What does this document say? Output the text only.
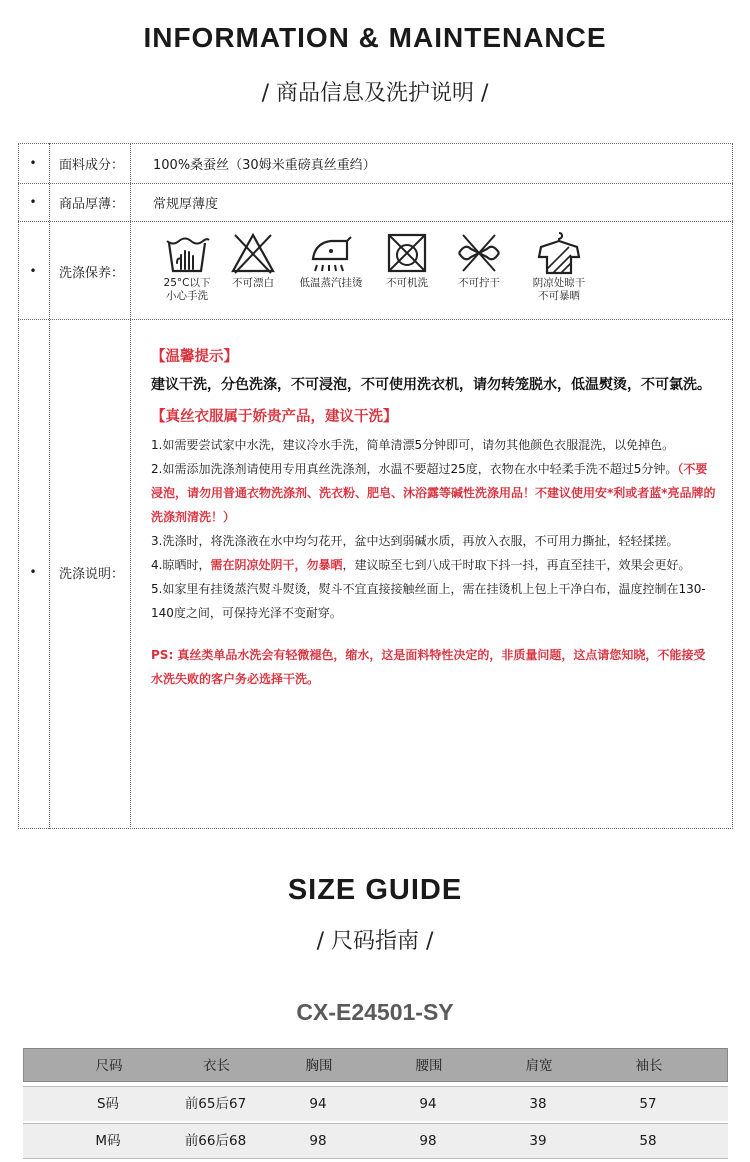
INFORMATION & MAINTENANCE
/ 商品信息及洗护说明 /
• 面料成分： 100%桑蚕丝（30姆米重磅真丝重绉）
• 商品厚薄： 常规厚薄度
• 洗涤保养：
25°C以下
小心手洗
不可漂白	低温蒸汽挂烫	不可机洗	不可拧干	阴凉处晾干
不可暴晒
• 洗涤说明：
【温馨提示】
建议干洗，分色洗涤，不可浸泡，不可使用洗衣机，请勿转笼脱水，低温熨烫，不可氯洗。
【真丝衣服属于娇贵产品，建议干洗】
1.如需要尝试家中水洗，建议冷水手洗，简单清漂5分钟即可，请勿其他颜色衣服混洗，以免掉色。
2.如需添加洗涤剂请使用专用真丝洗涤剂，水温不要超过25度，衣物在水中轻柔手洗不超过5分钟。（不要浸泡，请勿用普通衣物洗涤剂、洗衣粉、肥皂、沐浴露等碱性洗涤用品！不建议使用安*利或者蓝*亮品牌的洗涤剂清洗！）
3.洗涤时，将洗涤液在水中均匀花开，盆中达到弱碱水质，再放入衣服，不可用力撕扯，轻轻揉搓。
4.晾晒时，需在阴凉处阴干，勿暴晒，建议晾至七到八成干时取下抖一抖，再直至挂干，效果会更好。
5.如家里有挂烫蒸汽熨斗熨烫，熨斗不宜直接接触丝面上，需在挂烫机上包上干净白布，温度控制在130-140度之间，可保持光泽不变耐穿。
PS: 真丝类单品水洗会有轻微褪色，缩水，这是面料特性决定的，非质量问题，这点请您知晓，不能接受水洗失败的客户务必选择干洗。
SIZE GUIDE
/ 尺码指南 /
CX-E24501-SY
尺码	衣长	胸围	腰围	肩宽	袖长
S码	前65后67	94	94	38	57
M码	前66后68	98	98	39	58
